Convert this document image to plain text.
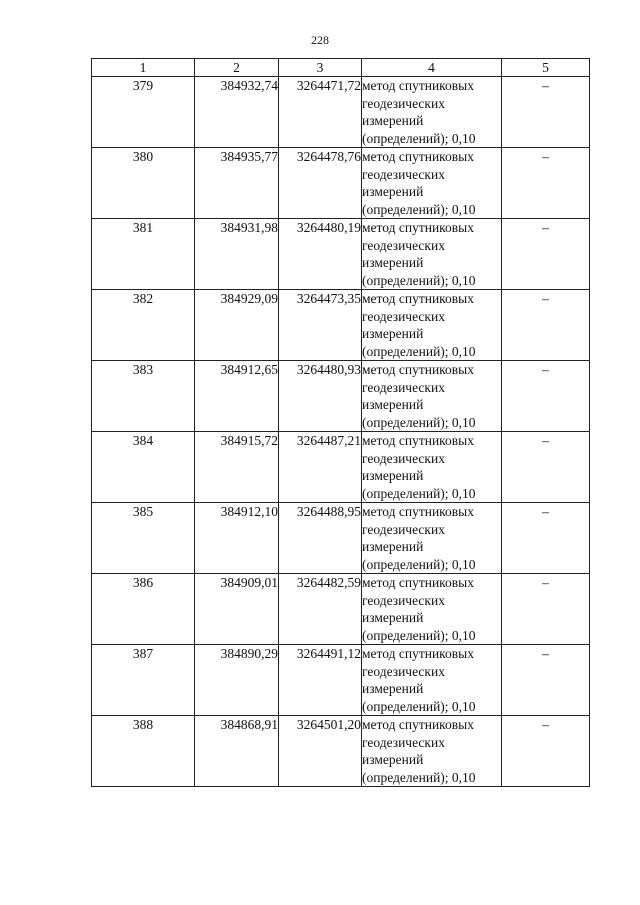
228
1	2	3	4	5
379	384932,74	3264471,72	метод спутниковых
геодезических
измерений
(определений); 0,10	–
380	384935,77	3264478,76	метод спутниковых
геодезических
измерений
(определений); 0,10	–
381	384931,98	3264480,19	метод спутниковых
геодезических
измерений
(определений); 0,10	–
382	384929,09	3264473,35	метод спутниковых
геодезических
измерений
(определений); 0,10	–
383	384912,65	3264480,93	метод спутниковых
геодезических
измерений
(определений); 0,10	–
384	384915,72	3264487,21	метод спутниковых
геодезических
измерений
(определений); 0,10	–
385	384912,10	3264488,95	метод спутниковых
геодезических
измерений
(определений); 0,10	–
386	384909,01	3264482,59	метод спутниковых
геодезических
измерений
(определений); 0,10	–
387	384890,29	3264491,12	метод спутниковых
геодезических
измерений
(определений); 0,10	–
388	384868,91	3264501,20	метод спутниковых
геодезических
измерений
(определений); 0,10	–
